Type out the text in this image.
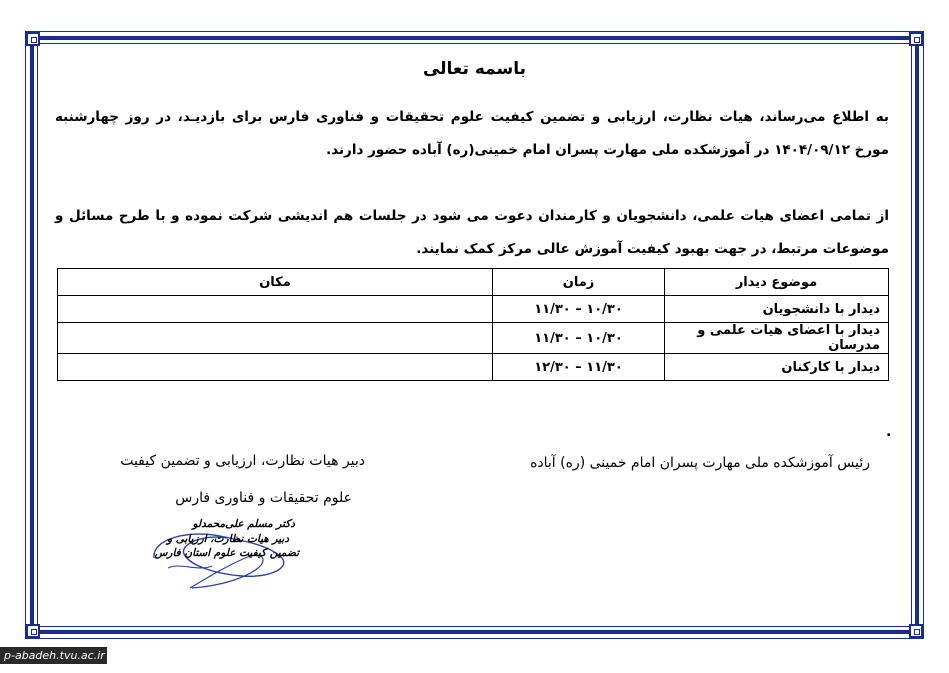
باسمه تعالی
به اطلاع می‌رساند، هیات نظارت، ارزیابی و تضمین کیفیت علوم تحقیقات و فناوری فارس برای بازدیـد، در روز چهارشنبه مورخ ۱۴۰۴/۰۹/۱۲ در آموزشکده ملی مهارت پسران امام خمینی(ره) آباده حضور دارند.
از تمامی اعضای هیات علمی، دانشجویان و کارمندان دعوت می شود در جلسات هم اندیشی شرکت نموده و با طرح مسائل و موضوعات مرتبط، در جهت بهبود کیفیت آموزش عالی مرکز کمک نمایند.
موضوع دیدار	زمان	مکان
دیدار با دانشجویان	۱۰/۳۰ – ۱۱/۳۰	
دیدار با اعضای هیات علمی و مدرسان	۱۰/۳۰ – ۱۱/۳۰	
دیدار با کارکنان	۱۱/۳۰ – ۱۲/۳۰	
.
رئیس آموزشکده ملی مهارت پسران امام خمینی (ره) آباده
دبیر هیات نظارت، ارزیابی و تضمین کیفیت
علوم تحقیقات و فناوری فارس
دکتر مسلم علی‌محمدلو
دبیر هیات نظارت، ارزیابی و
تضمین کیفیت علوم استان فارس
p-abadeh.tvu.ac.ir
